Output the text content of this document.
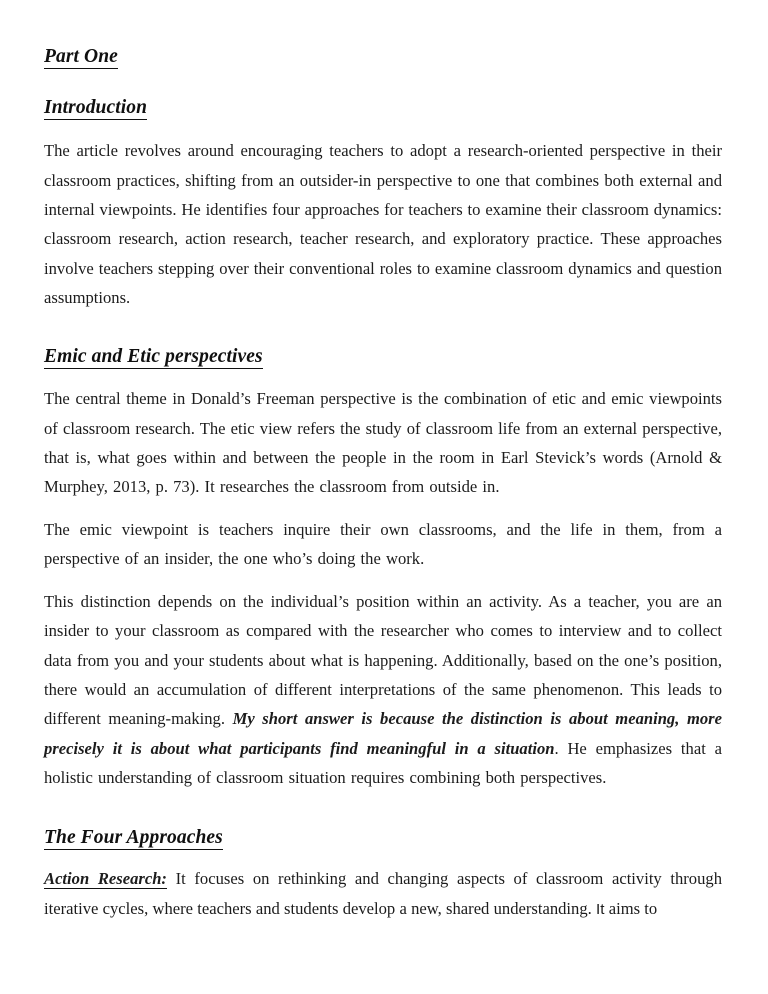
Part One
Introduction

The article revolves around encouraging teachers to adopt a research-oriented perspective in their classroom practices, shifting from an outsider-in perspective to one that combines both external and internal viewpoints. He identifies four approaches for teachers to examine their classroom dynamics: classroom research, action research, teacher research, and exploratory practice. These approaches involve teachers stepping over their conventional roles to examine classroom dynamics and question assumptions.

Emic and Etic perspectives

The central theme in Donald’s Freeman perspective is the combination of etic and emic viewpoints of classroom research. The etic view refers the study of classroom life from an external perspective, that is, what goes within and between the people in the room in Earl Stevick’s words (Arnold & Murphey, 2013, p. 73). It researches the classroom from outside in.

The emic viewpoint is teachers inquire their own classrooms, and the life in them, from a perspective of an insider, the one who’s doing the work.

This distinction depends on the individual’s position within an activity. As a teacher, you are an insider to your classroom as compared with the researcher who comes to interview and to collect data from you and your students about what is happening. Additionally, based on the one’s position, there would an accumulation of different interpretations of the same phenomenon. This leads to different meaning-making. My short answer is because the distinction is about meaning, more precisely it is about what participants find meaningful in a situation. He emphasizes that a holistic understanding of classroom situation requires combining both perspectives.

The Four Approaches

Action Research: It focuses on rethinking and changing aspects of classroom activity through iterative cycles, where teachers and students develop a new, shared understanding. It aims to
